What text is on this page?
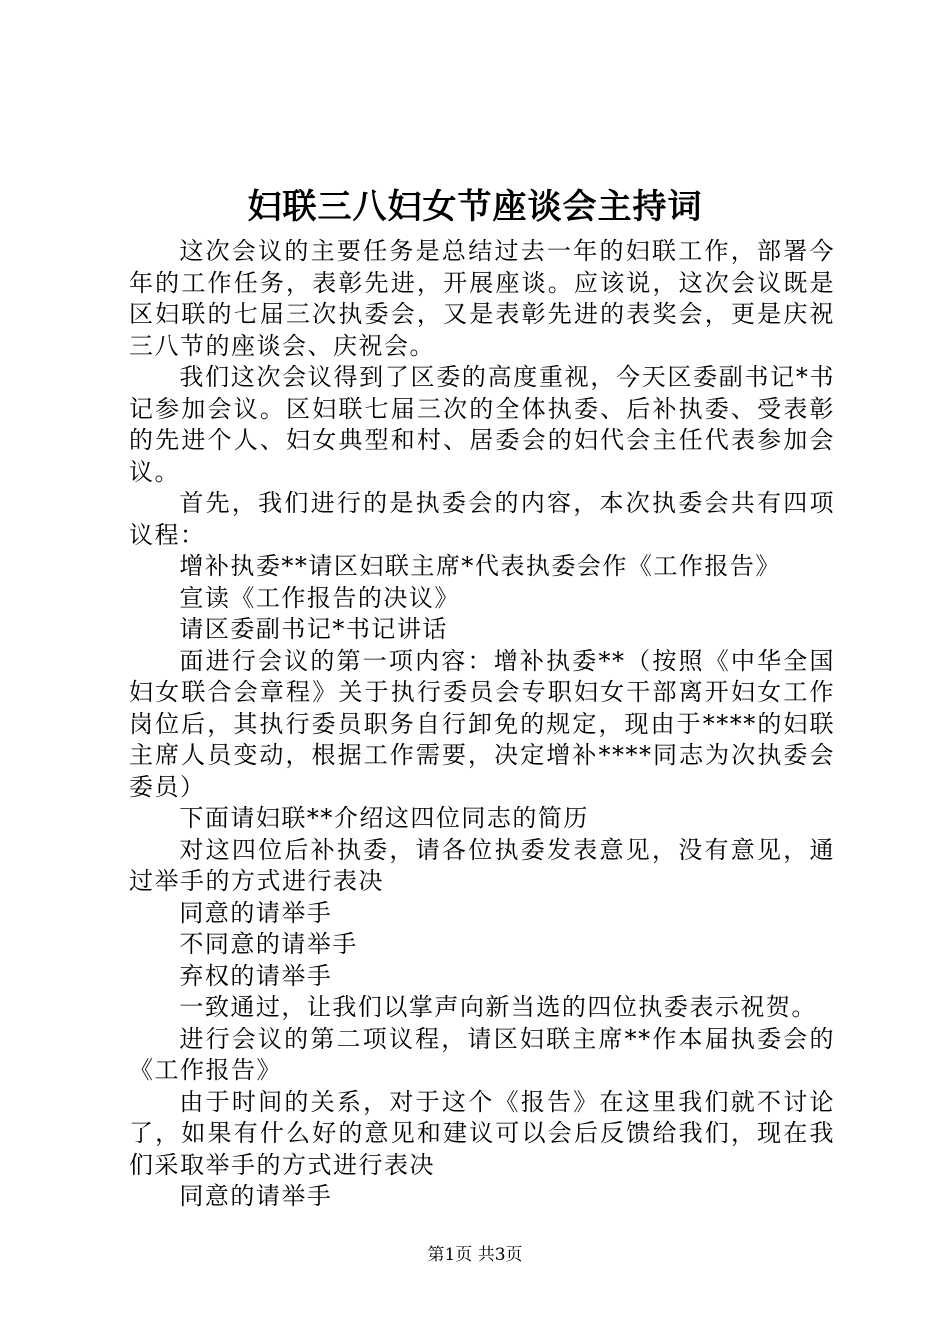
妇联三八妇女节座谈会主持词

这次会议的主要任务是总结过去一年的妇联工作，部署今年的工作任务，表彰先进，开展座谈。应该说，这次会议既是区妇联的七届三次执委会，又是表彰先进的表奖会，更是庆祝三八节的座谈会、庆祝会。

我们这次会议得到了区委的高度重视，今天区委副书记*书记参加会议。区妇联七届三次的全体执委、后补执委、受表彰的先进个人、妇女典型和村、居委会的妇代会主任代表参加会议。

首先，我们进行的是执委会的内容，本次执委会共有四项议程：

增补执委**请区妇联主席*代表执委会作《工作报告》

宣读《工作报告的决议》

请区委副书记*书记讲话

面进行会议的第一项内容：增补执委**（按照《中华全国妇女联合会章程》关于执行委员会专职妇女干部离开妇女工作岗位后，其执行委员职务自行卸免的规定，现由于****的妇联主席人员变动，根据工作需要，决定增补****同志为次执委会委员）

下面请妇联**介绍这四位同志的简历

对这四位后补执委，请各位执委发表意见，没有意见，通过举手的方式进行表决

同意的请举手

不同意的请举手

弃权的请举手

一致通过，让我们以掌声向新当选的四位执委表示祝贺。

进行会议的第二项议程，请区妇联主席**作本届执委会的《工作报告》

由于时间的关系，对于这个《报告》在这里我们就不讨论了，如果有什么好的意见和建议可以会后反馈给我们，现在我们采取举手的方式进行表决

同意的请举手

第1页 共3页
